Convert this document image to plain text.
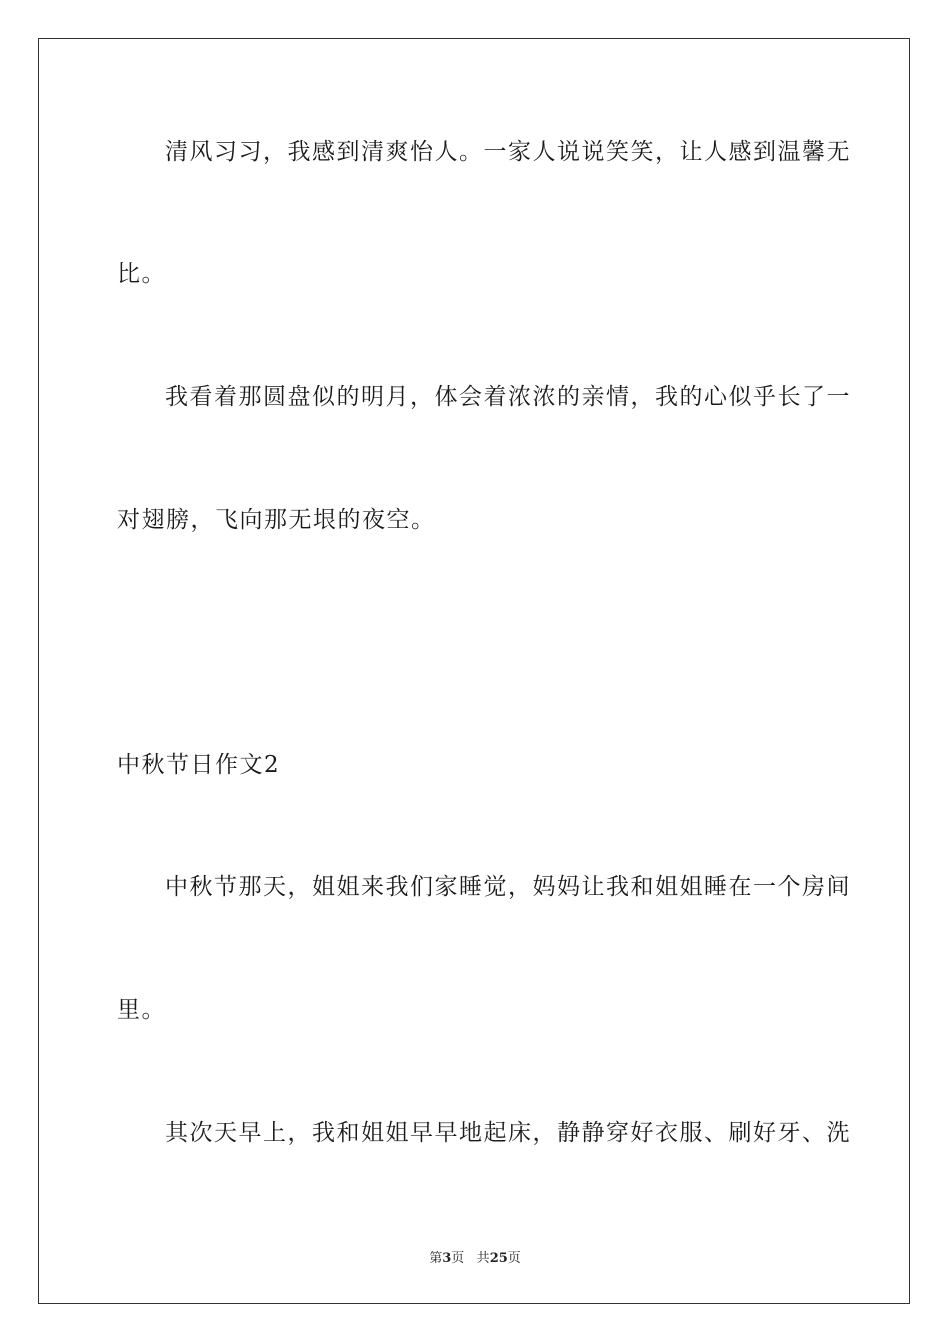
清风习习，我感到清爽怡人。一家人说说笑笑，让人感到温馨无
比。
我看着那圆盘似的明月，体会着浓浓的亲情，我的心似乎长了一
对翅膀，飞向那无垠的夜空。
中秋节日作文2
中秋节那天，姐姐来我们家睡觉，妈妈让我和姐姐睡在一个房间
里。
其次天早上，我和姐姐早早地起床，静静穿好衣服、刷好牙、洗
第3页 共25页
